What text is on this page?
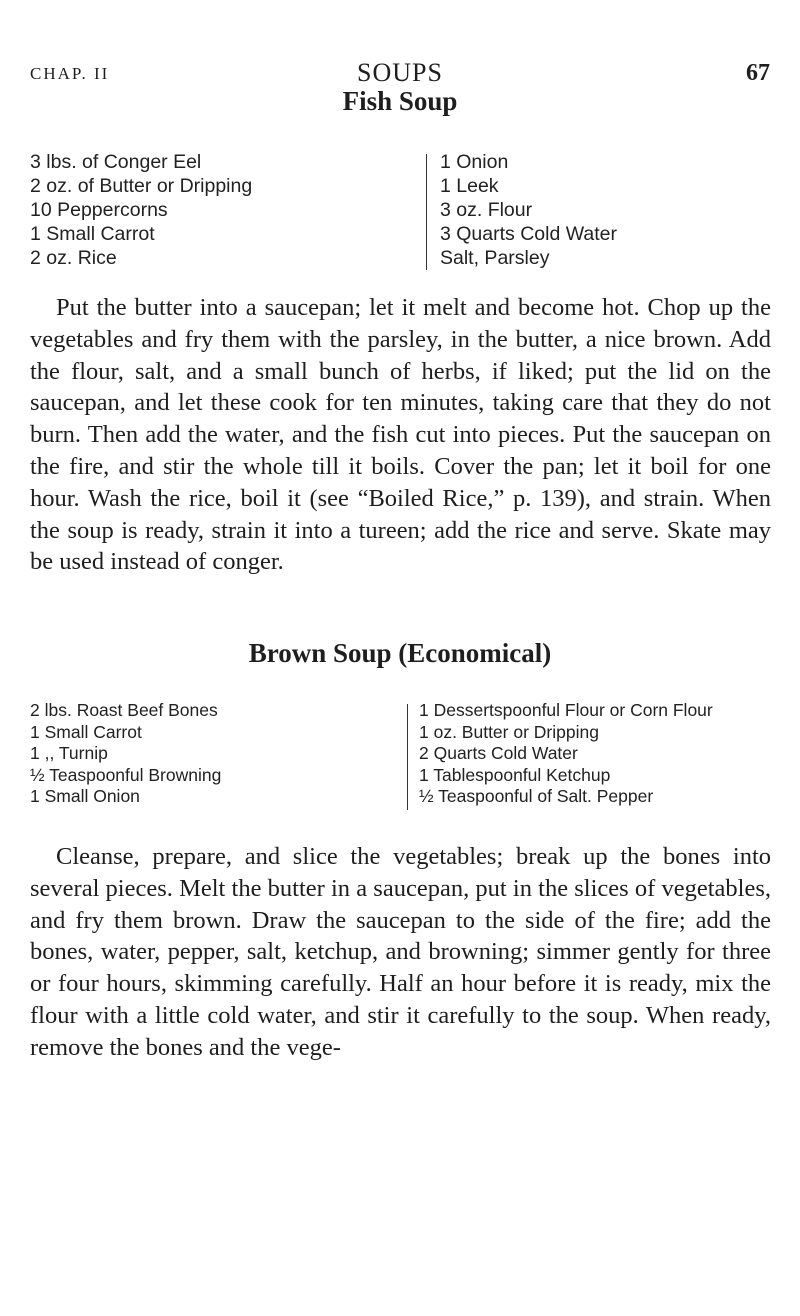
CHAP. II	SOUPS	67
Fish Soup
3 lbs. of Conger Eel
2 oz. of Butter or Dripping
10 Peppercorns
1 Small Carrot
2 oz. Rice
1 Onion
1 Leek
3 oz. Flour
3 Quarts Cold Water
Salt, Parsley

Put the butter into a saucepan; let it melt and become hot. Chop up the vegetables and fry them with the parsley, in the butter, a nice brown. Add the flour, salt, and a small bunch of herbs, if liked; put the lid on the saucepan, and let these cook for ten minutes, taking care that they do not burn. Then add the water, and the fish cut into pieces. Put the saucepan on the fire, and stir the whole till it boils. Cover the pan; let it boil for one hour. Wash the rice, boil it (see “Boiled Rice,” p. 139), and strain. When the soup is ready, strain it into a tureen; add the rice and serve. Skate may be used instead of conger.

Brown Soup (Economical)
2 lbs. Roast Beef Bones
1 Small Carrot
1 ,, Turnip
½ Teaspoonful Browning
1 Small Onion
1 Dessertspoonful Flour or Corn Flour
1 oz. Butter or Dripping
2 Quarts Cold Water
1 Tablespoonful Ketchup
½ Teaspoonful of Salt. Pepper

Cleanse, prepare, and slice the vegetables; break up the bones into several pieces. Melt the butter in a saucepan, put in the slices of vegetables, and fry them brown. Draw the saucepan to the side of the fire; add the bones, water, pepper, salt, ketchup, and browning; simmer gently for three or four hours, skimming carefully. Half an hour before it is ready, mix the flour with a little cold water, and stir it carefully to the soup. When ready, remove the bones and the vege-
